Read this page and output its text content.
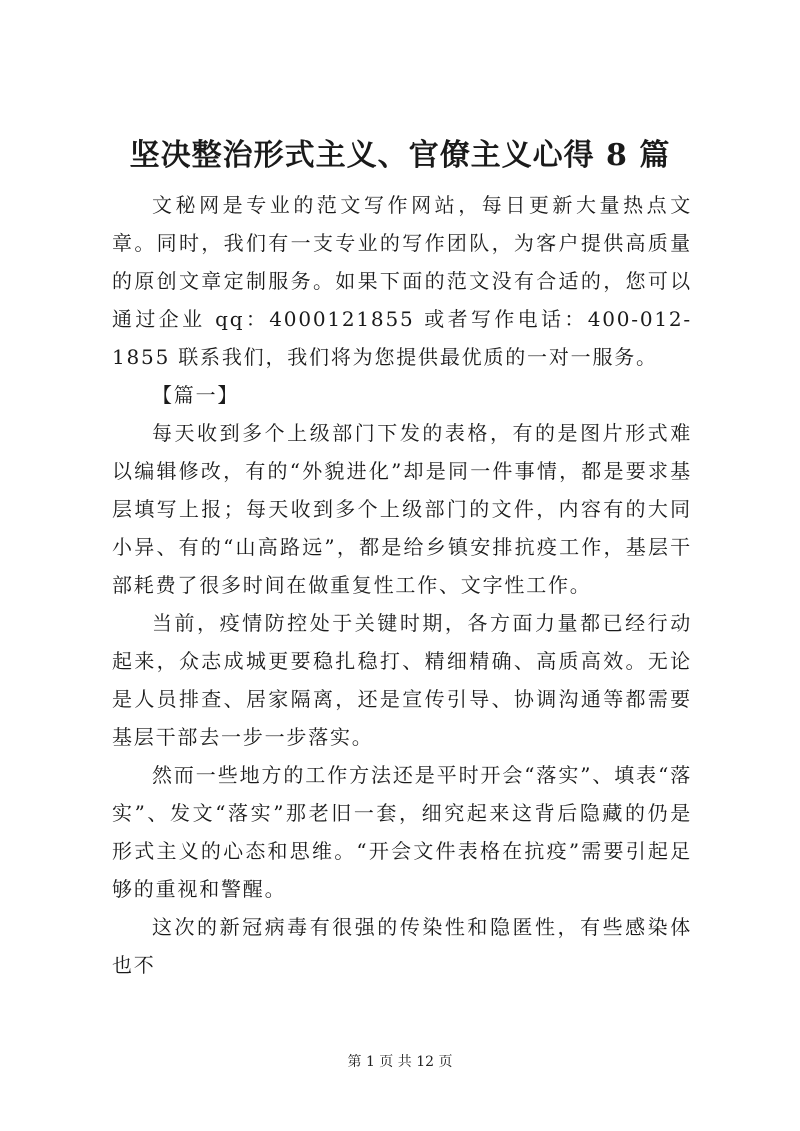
坚决整治形式主义、官僚主义心得 8 篇

文秘网是专业的范文写作网站，每日更新大量热点文章。同时，我们有一支专业的写作团队，为客户提供高质量的原创文章定制服务。如果下面的范文没有合适的，您可以通过企业 qq：4000121855 或者写作电话：400-012-1855 联系我们，我们将为您提供最优质的一对一服务。

【篇一】

每天收到多个上级部门下发的表格，有的是图片形式难以编辑修改，有的“外貌进化”却是同一件事情，都是要求基层填写上报；每天收到多个上级部门的文件，内容有的大同小异、有的“山高路远”，都是给乡镇安排抗疫工作，基层干部耗费了很多时间在做重复性工作、文字性工作。

当前，疫情防控处于关键时期，各方面力量都已经行动起来，众志成城更要稳扎稳打、精细精确、高质高效。无论是人员排查、居家隔离，还是宣传引导、协调沟通等都需要基层干部去一步一步落实。

然而一些地方的工作方法还是平时开会“落实”、填表“落实”、发文“落实”那老旧一套，细究起来这背后隐藏的仍是形式主义的心态和思维。“开会文件表格在抗疫”需要引起足够的重视和警醒。

这次的新冠病毒有很强的传染性和隐匿性，有些感染体也不

第 1 页 共 12 页
